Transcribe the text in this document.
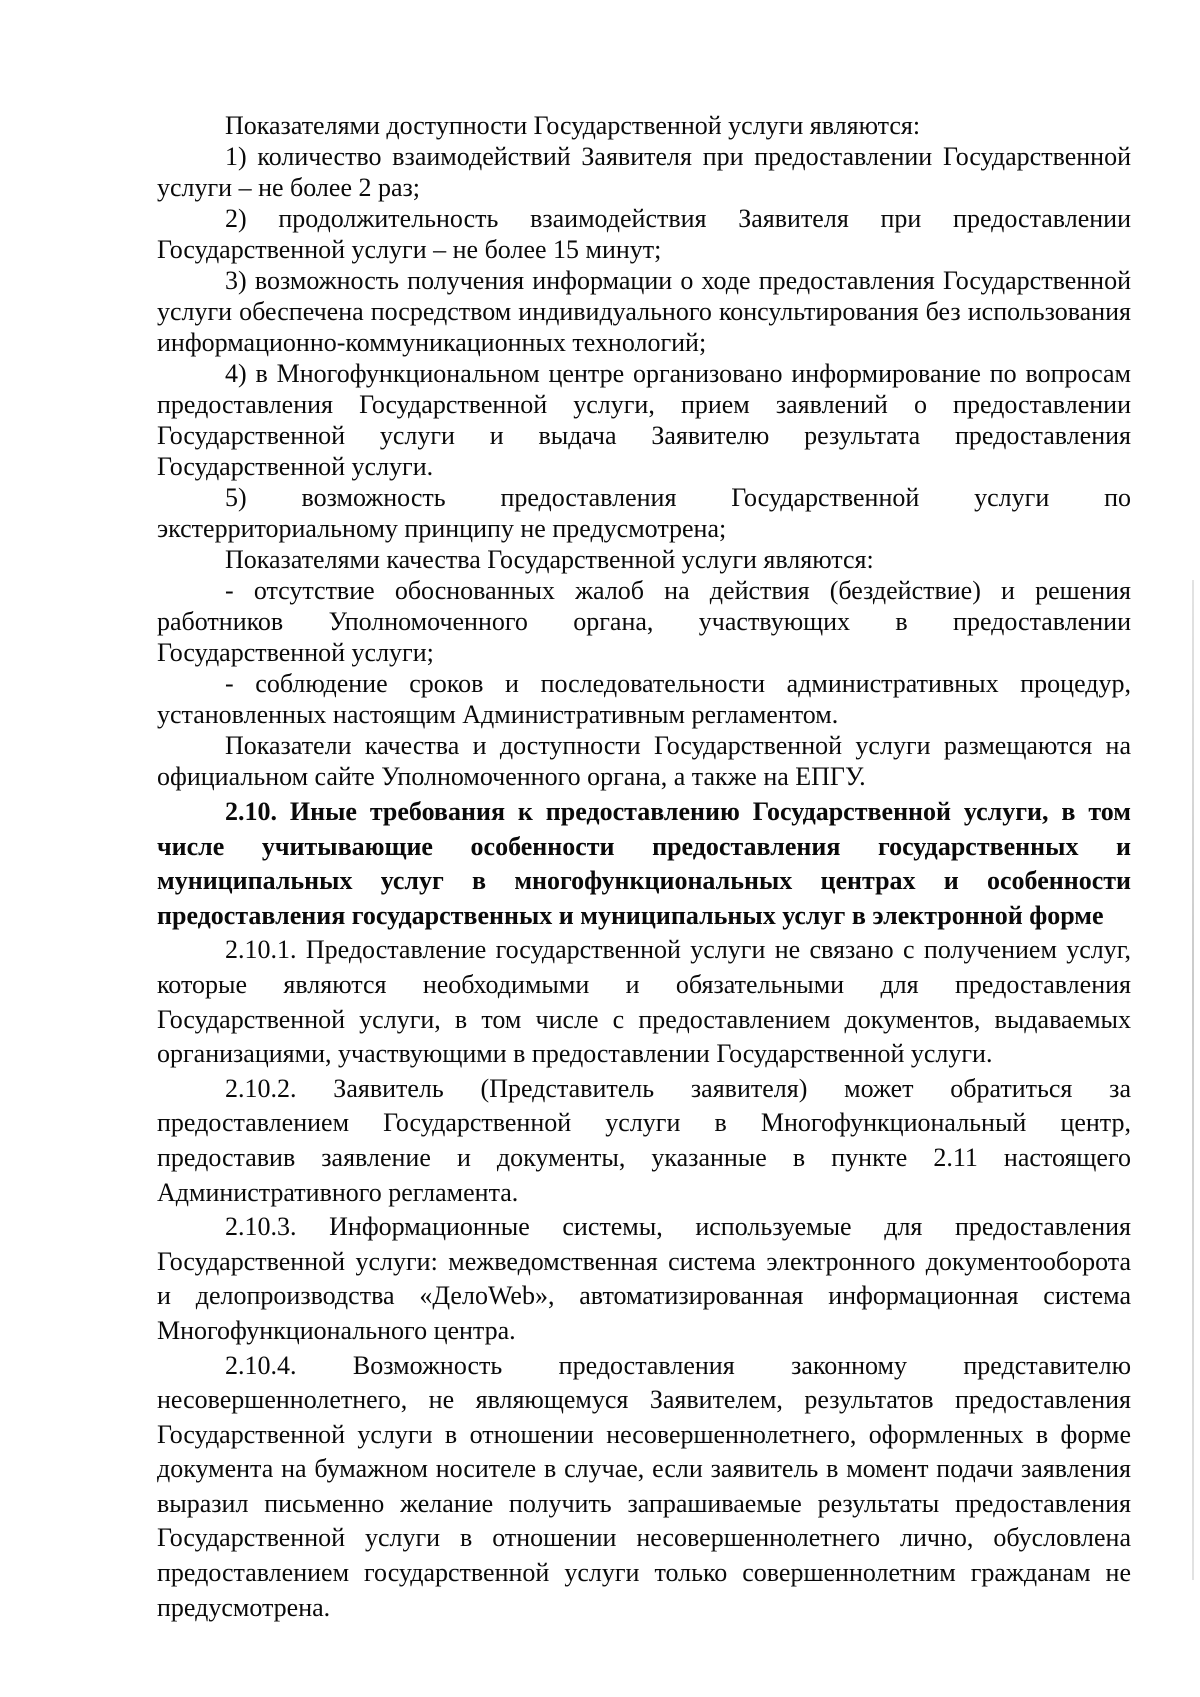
Показателями доступности Государственной услуги являются:

1) количество взаимодействий Заявителя при предоставлении Государственной услуги – не более 2 раз;

2) продолжительность взаимодействия Заявителя при предоставлении Государственной услуги – не более 15 минут;

3) возможность получения информации о ходе предоставления Государственной услуги обеспечена посредством индивидуального консультирования без использования информационно-коммуникационных технологий;

4) в Многофункциональном центре организовано информирование по вопросам предоставления Государственной услуги, прием заявлений о предоставлении Государственной услуги и выдача Заявителю результата предоставления Государственной услуги.

5) возможность предоставления Государственной услуги по экстерриториальному принципу не предусмотрена;

Показателями качества Государственной услуги являются:

- отсутствие обоснованных жалоб на действия (бездействие) и решения работников Уполномоченного органа, участвующих в предоставлении Государственной услуги;

- соблюдение сроков и последовательности административных процедур, установленных настоящим Административным регламентом.

Показатели качества и доступности Государственной услуги размещаются на официальном сайте Уполномоченного органа, а также на ЕПГУ.

2.10. Иные требования к предоставлению Государственной услуги, в том числе учитывающие особенности предоставления государственных и муниципальных услуг в многофункциональных центрах и особенности предоставления государственных и муниципальных услуг в электронной форме

2.10.1. Предоставление государственной услуги не связано с получением услуг, которые являются необходимыми и обязательными для предоставления Государственной услуги, в том числе с предоставлением документов, выдаваемых организациями, участвующими в предоставлении Государственной услуги.

2.10.2. Заявитель (Представитель заявителя) может обратиться за предоставлением Государственной услуги в Многофункциональный центр, предоставив заявление и документы, указанные в пункте 2.11 настоящего Административного регламента.

2.10.3. Информационные системы, используемые для предоставления Государственной услуги: межведомственная система электронного документооборота и делопроизводства «ДелоWeb», автоматизированная информационная система Многофункционального центра.

2.10.4. Возможность предоставления законному представителю несовершеннолетнего, не являющемуся Заявителем, результатов предоставления Государственной услуги в отношении несовершеннолетнего, оформленных в форме документа на бумажном носителе в случае, если заявитель в момент подачи заявления выразил письменно желание получить запрашиваемые результаты предоставления Государственной услуги в отношении несовершеннолетнего лично, обусловлена предоставлением государственной услуги только совершеннолетним гражданам не предусмотрена.
